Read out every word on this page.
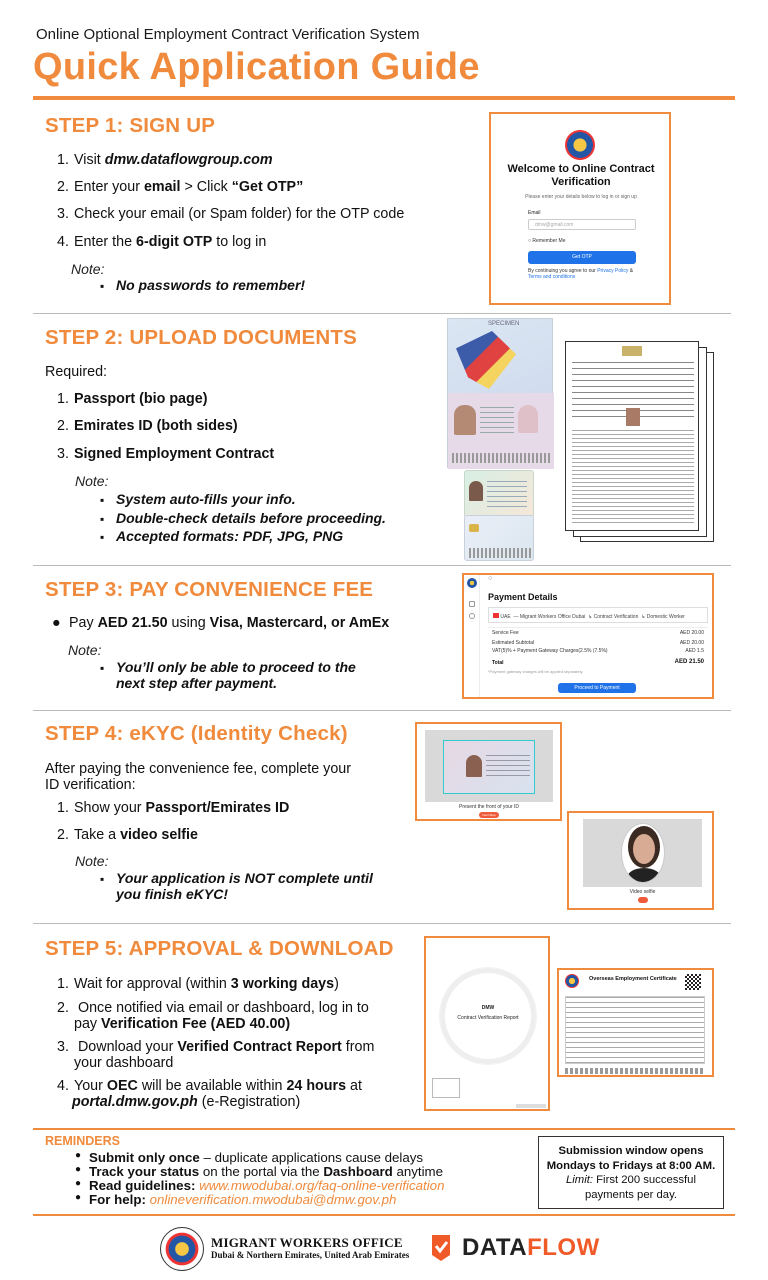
Online Optional Employment Contract Verification System
Quick Application Guide
STEP 1: SIGN UP
1. Visit dmw.dataflowgroup.com
2. Enter your email > Click “Get OTP”
3. Check your email (or Spam folder) for the OTP code
4. Enter the 6-digit OTP to log in
Note:
▪ No passwords to remember!
Welcome to Online Contract Verification
Please enter your details below to log in or sign up
Email
dmw@gmail.com
○ Remember Me
Get OTP
By continuing you agree to our Privacy Policy & Terms and conditions
STEP 2: UPLOAD DOCUMENTS
Required:
1. Passport (bio page)
2. Emirates ID (both sides)
3. Signed Employment Contract
Note:
▪ System auto-fills your info.
▪ Double-check details before proceeding.
▪ Accepted formats: PDF, JPG, PNG
SPECIMEN
STEP 3: PAY CONVENIENCE FEE
● Pay AED 21.50 using Visa, Mastercard, or AmEx
Note:
▪ You’ll only be able to proceed to the
next step after payment.
○
Payment Details
UAE  — Migrant Workers Office Dubai  ↳ Contract Verification  ↳ Domestic Worker
Service Fee	AED 20.00
Estimated Subtotal	AED 20.00
VAT(5)% + Payment Gateway Charges(2.5% (7.5%)	AED 1.5
Total	AED 21.50
*Payment gateway charges will be applied separately.
Proceed to Payment
STEP 4: eKYC (Identity Check)
After paying the convenience fee, complete your
ID verification:
1. Show your Passport/Emirates ID
2. Take a video selfie
Note:
▪ Your application is NOT complete until
you finish eKYC!
Present the front of your ID
Next Step
Video selfie
STEP 5: APPROVAL & DOWNLOAD
1. Wait for approval (within 3 working days)
2. Once notified via email or dashboard, log in to
pay Verification Fee (AED 40.00)
3. Download your Verified Contract Report from
your dashboard
4. Your OEC will be available within 24 hours at
portal.dmw.gov.ph (e-Registration)
DMW
Contract Verification Report
Overseas Employment Certificate
REMINDERS
● Submit only once – duplicate applications cause delays
● Track your status on the portal via the Dashboard anytime
● Read guidelines: www.mwodubai.org/faq-online-verification
● For help: onlineverification.mwodubai@dmw.gov.ph
Submission window opens
Mondays to Fridays at 8:00 AM.
Limit: First 200 successful
payments per day.
MIGRANT WORKERS OFFICE
Dubai & Northern Emirates, United Arab Emirates DATAFLOW
